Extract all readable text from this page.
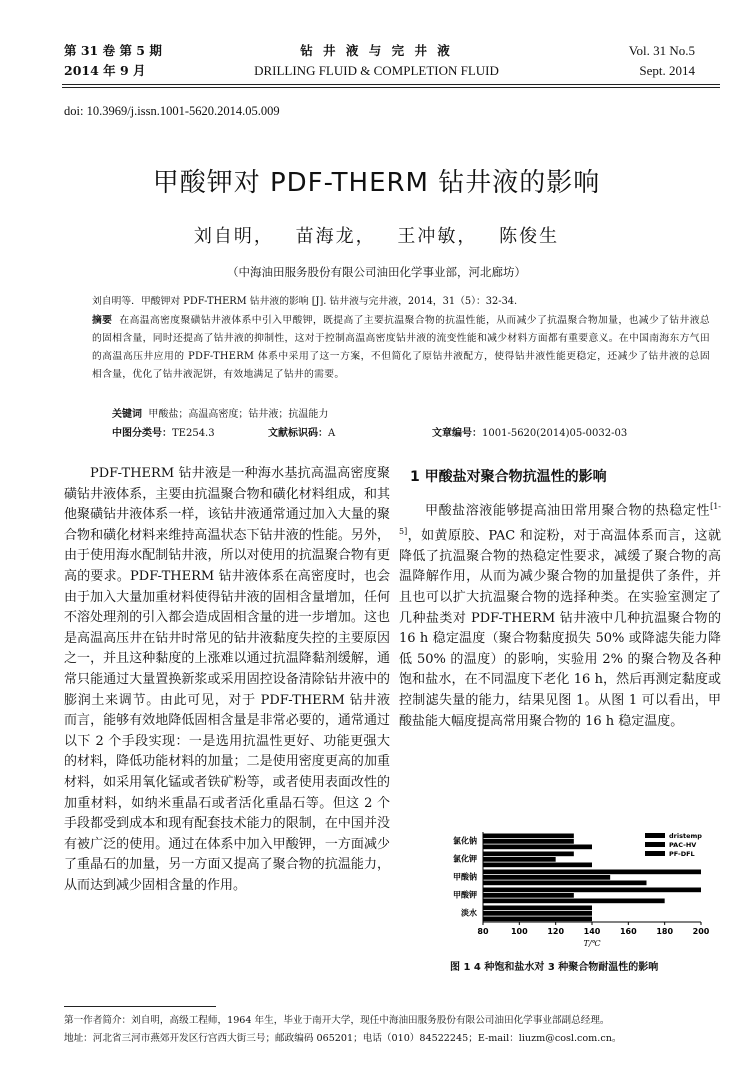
第 31 卷 第 5 期
2014 年 9 月
钻 井 液 与 完 井 液
DRILLING FLUID & COMPLETION FLUID
Vol. 31 No.5
Sept. 2014
doi: 10.3969/j.issn.1001-5620.2014.05.009
甲酸钾对 PDF-THERM 钻井液的影响
刘自明， 苗海龙， 王冲敏， 陈俊生
（中海油田服务股份有限公司油田化学事业部，河北廊坊）
刘自明等．甲酸钾对 PDF-THERM 钻井液的影响 [J]. 钻井液与完井液，2014，31（5）：32-34.
摘要 在高温高密度聚磺钻井液体系中引入甲酸钾，既提高了主要抗温聚合物的抗温性能，从而减少了抗温聚合物加量，也减少了钻井液总的固相含量，同时还提高了钻井液的抑制性，这对于控制高温高密度钻井液的流变性能和减少材料方面都有重要意义。在中国南海东方气田的高温高压井应用的 PDF-THERM 体系中采用了这一方案，不但简化了原钻井液配方，使得钻井液性能更稳定，还减少了钻井液的总固相含量，优化了钻井液泥饼，有效地满足了钻井的需要。
关键词 甲酸盐；高温高密度；钻井液；抗温能力
中图分类号：TE254.3	文献标识码：A	文章编号：1001-5620(2014)05-0032-03

PDF-THERM 钻井液是一种海水基抗高温高密度聚磺钻井液体系，主要由抗温聚合物和磺化材料组成，和其他聚磺钻井液体系一样，该钻井液通常通过加入大量的聚合物和磺化材料来维持高温状态下钻井液的性能。另外，由于使用海水配制钻井液，所以对使用的抗温聚合物有更高的要求。PDF-THERM 钻井液体系在高密度时，也会由于加入大量加重材料使得钻井液的固相含量增加，任何不溶处理剂的引入都会造成固相含量的进一步增加。这也是高温高压井在钻井时常见的钻井液黏度失控的主要原因之一，并且这种黏度的上涨难以通过抗温降黏剂缓解，通常只能通过大量置换新浆或采用固控设备清除钻井液中的膨润土来调节。由此可见，对于 PDF-THERM 钻井液而言，能够有效地降低固相含量是非常必要的，通常通过以下 2 个手段实现：一是选用抗温性更好、功能更强大的材料，降低功能材料的加量；二是使用密度更高的加重材料，如采用氧化锰或者铁矿粉等，或者使用表面改性的加重材料，如纳米重晶石或者活化重晶石等。但这 2 个手段都受到成本和现有配套技术能力的限制，在中国并没有被广泛的使用。通过在体系中加入甲酸钾，一方面减少了重晶石的加量，另一方面又提高了聚合物的抗温能力，从而达到减少固相含量的作用。

1 甲酸盐对聚合物抗温性的影响

甲酸盐溶液能够提高油田常用聚合物的热稳定性[1-5]，如黄原胶、PAC 和淀粉，对于高温体系而言，这就降低了抗温聚合物的热稳定性要求，减缓了聚合物的高温降解作用，从而为减少聚合物的加量提供了条件，并且也可以扩大抗温聚合物的选择种类。在实验室测定了几种盐类对 PDF-THERM 钻井液中几种抗温聚合物的 16 h 稳定温度（聚合物黏度损失 50% 或降滤失能力降低 50% 的温度）的影响，实验用 2% 的聚合物及各种饱和盐水，在不同温度下老化 16 h，然后再测定黏度或控制滤失量的能力，结果见图 1。从图 1 可以看出，甲酸盐能大幅度提高常用聚合物的 16 h 稳定温度。

80	100 120 140 160 180 200
T/℃
氯化钠
氯化钾
甲酸钠
甲酸钾
淡水
dristemp
PAC-HV
PF-DFL
图 1 4 种饱和盐水对 3 种聚合物耐温性的影响
第一作者简介：刘自明，高级工程师，1964 年生，毕业于南开大学，现任中海油田服务股份有限公司油田化学事业部副总经理。
地址：河北省三河市燕郊开发区行宫西大街三号；邮政编码 065201；电话（010）84522245；E-mail：liuzm@cosl.com.cn。
